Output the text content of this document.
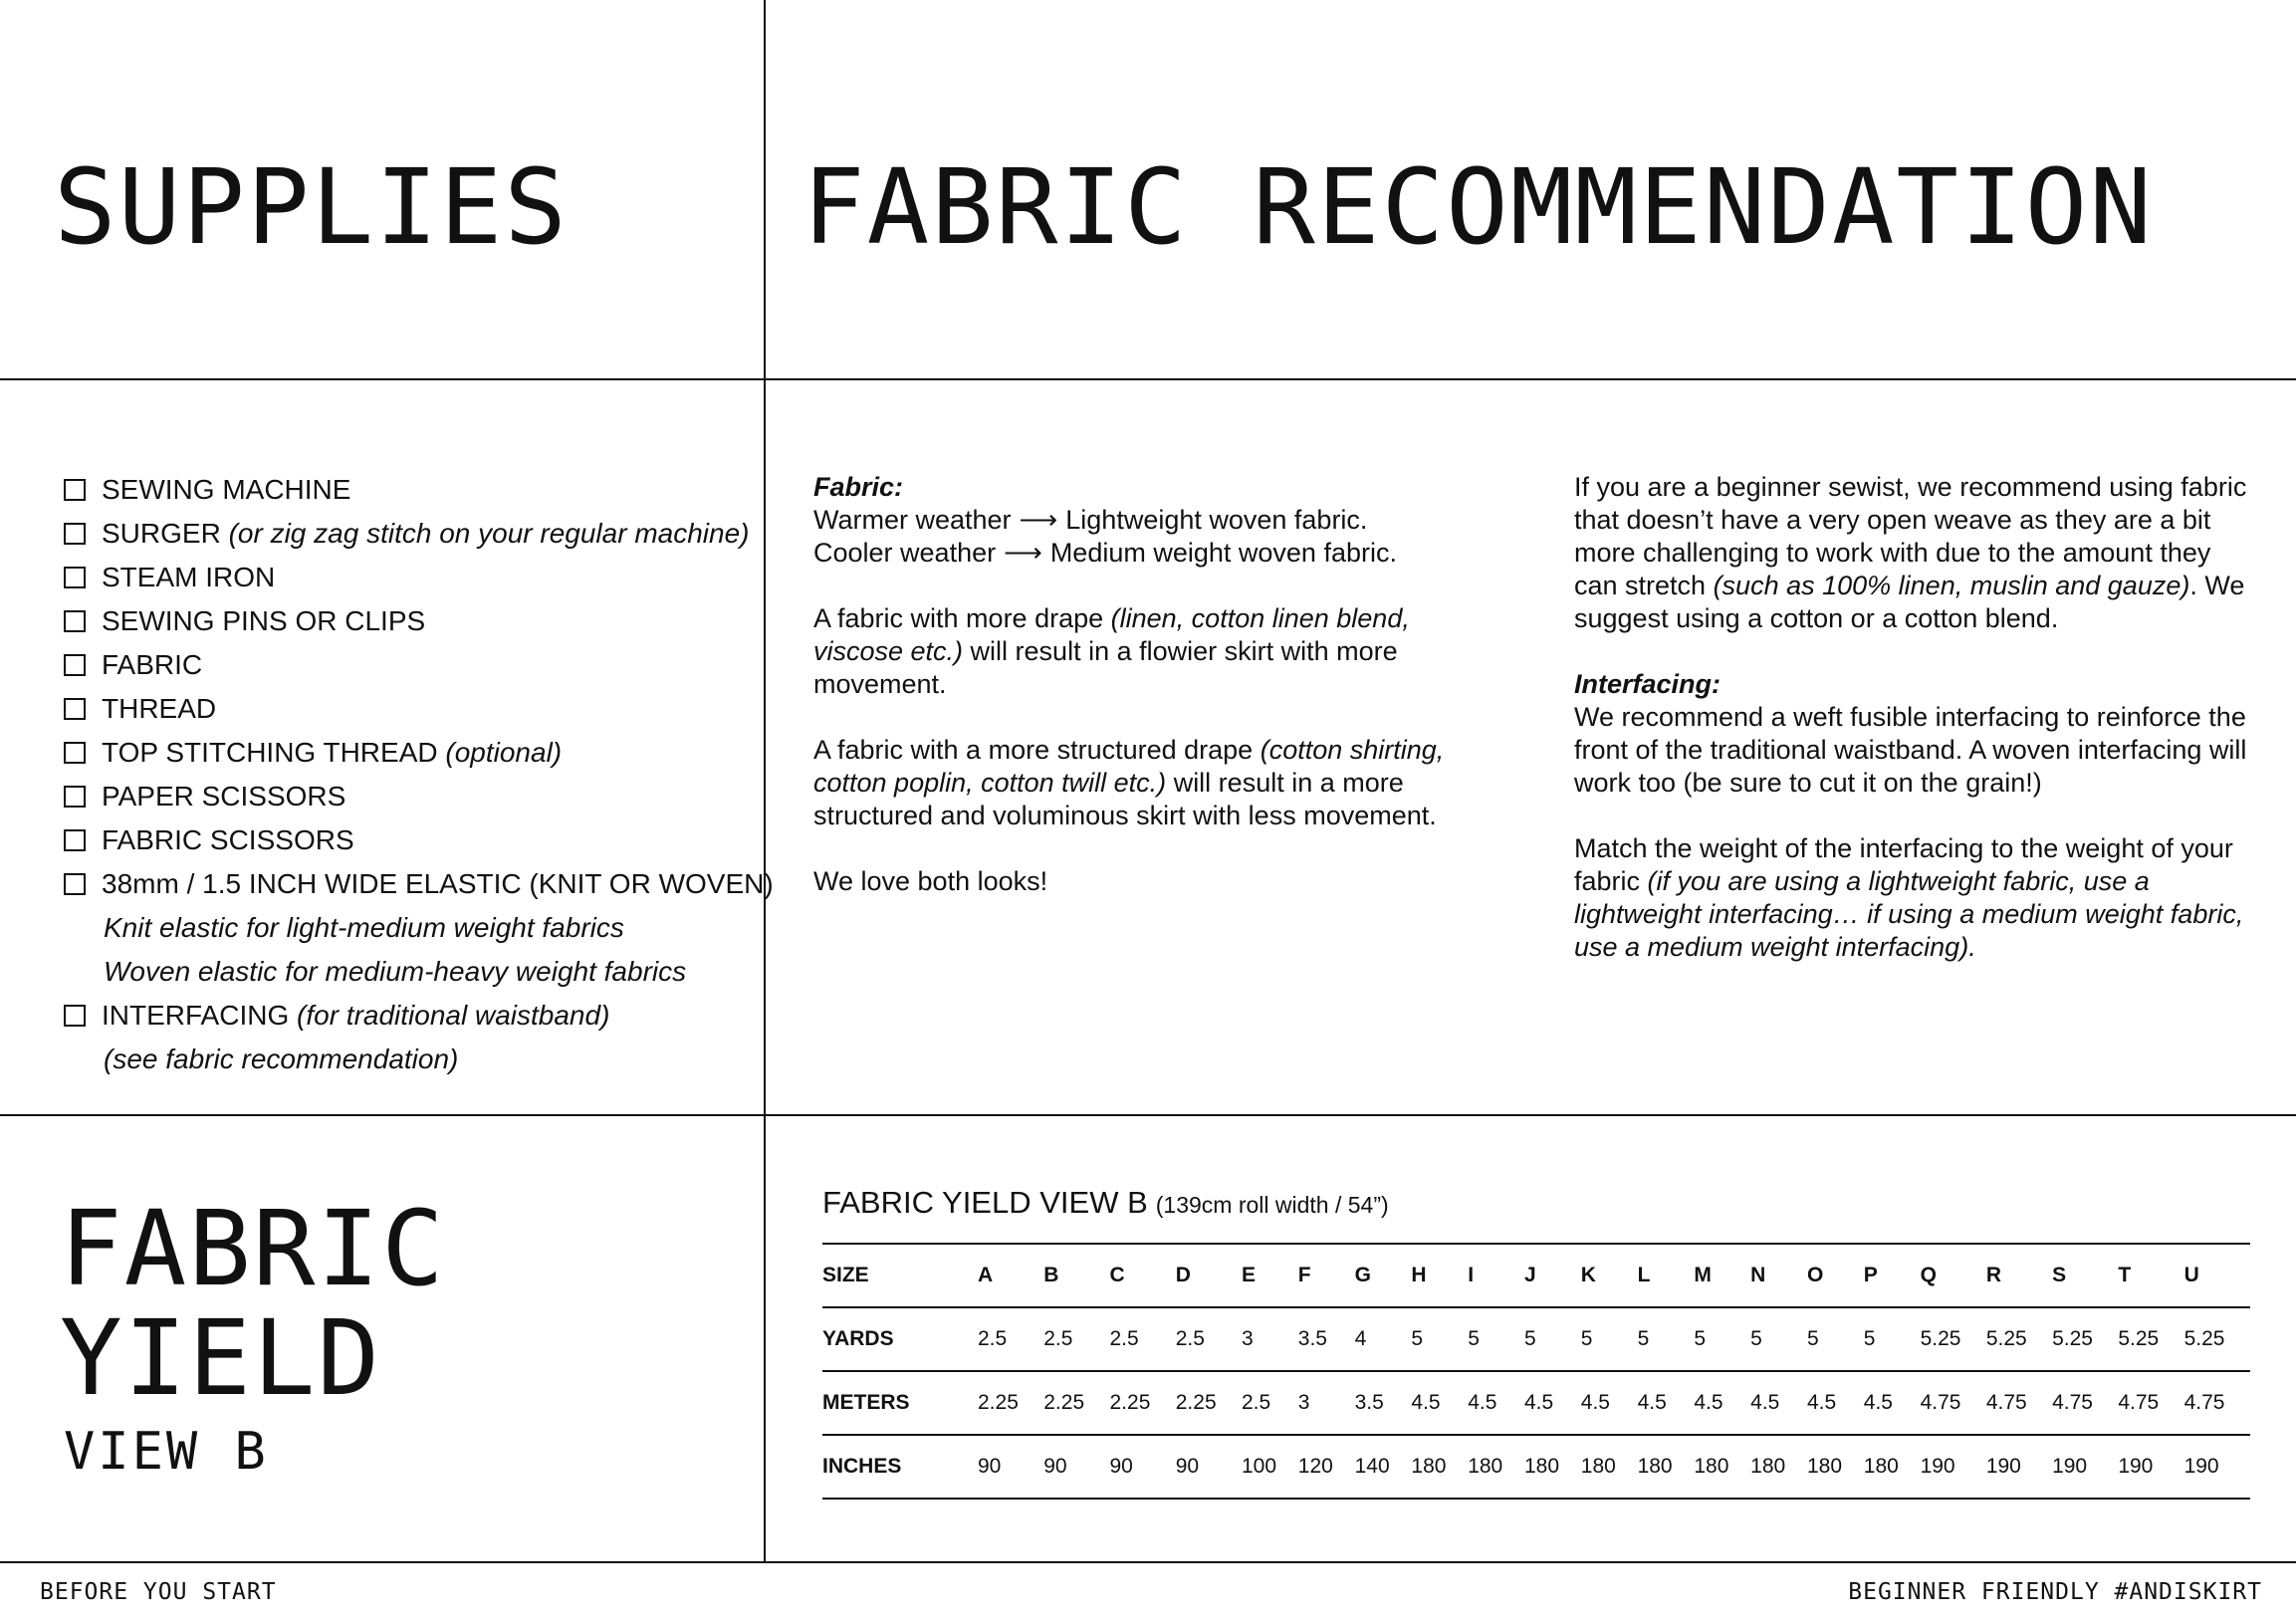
SUPPLIES FABRIC RECOMMENDATION
SEWING MACHINE
SURGER
(or zig zag stitch on your regular machine)
STEAM IRON
SEWING PINS OR CLIPS
FABRIC
THREAD
TOP STITCHING THREAD
(optional)
PAPER SCISSORS
FABRIC SCISSORS
38mm / 1.5 INCH WIDE ELASTIC (KNIT OR WOVEN)
Knit elastic for light-medium weight fabrics
Woven elastic for medium-heavy weight fabrics
INTERFACING
(for traditional waistband)
(see fabric recommendation)

Fabric:
Warmer weather ⟶ Lightweight woven fabric.
Cooler weather ⟶ Medium weight woven fabric.

A fabric with more drape (linen, cotton linen blend, viscose etc.) will result in a flowier skirt with more movement.

A fabric with a more structured drape (cotton shirting, cotton poplin, cotton twill etc.) will result in a more structured and voluminous skirt with less movement.

We love both looks!

If you are a beginner sewist, we recommend using fabric that doesn’t have a very open weave as they are a bit more challenging to work with due to the amount they can stretch (such as 100% linen, muslin and gauze). We suggest using a cotton or a cotton blend.

Interfacing:
We recommend a weft fusible interfacing to reinforce the front of the traditional waistband. A woven interfacing will work too (be sure to cut it on the grain!)

Match the weight of the interfacing to the weight of your fabric (if you are using a lightweight fabric, use a lightweight interfacing… if using a medium weight fabric, use a medium weight interfacing).

FABRIC
YIELD
VIEW B
FABRIC YIELD VIEW B (139cm roll width / 54”)
SIZE	A	B	C	D	E	F	G	H	I	J	K	L	M	N	O	P	Q	R	S	T	U
YARDS	2.5	2.5	2.5	2.5	3	3.5	4	5	5	5	5	5	5	5	5	5	5.25	5.25	5.25	5.25	5.25
METERS	2.25	2.25	2.25	2.25	2.5	3	3.5	4.5	4.5	4.5	4.5	4.5	4.5	4.5	4.5	4.5	4.75	4.75	4.75	4.75	4.75
INCHES	90	90	90	90	100	120	140	180	180	180	180	180	180	180	180	180	190	190	190	190	190
BEFORE YOU START	BEGINNER FRIENDLY #ANDISKIRT
